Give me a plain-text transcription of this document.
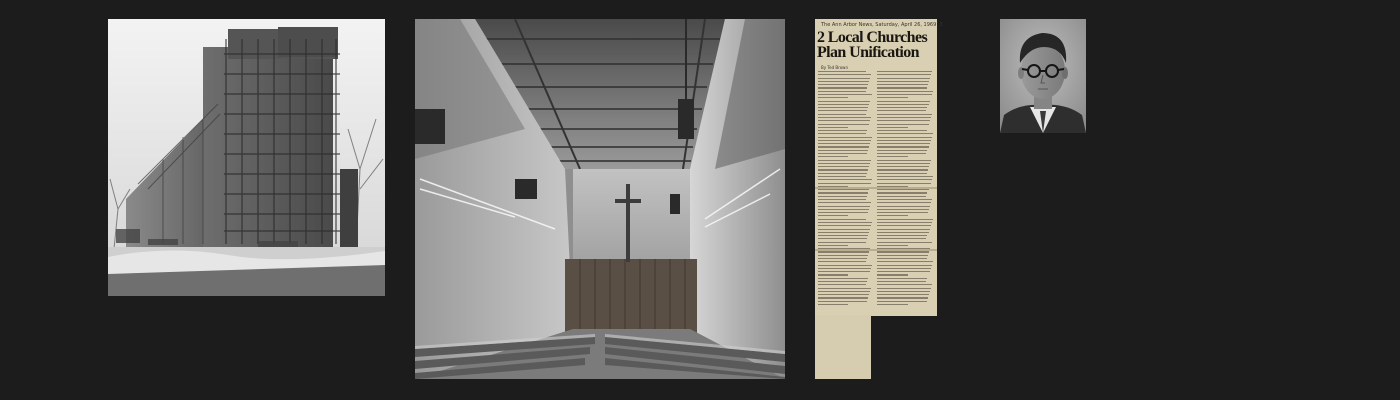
The Ann Arbor News, Saturday, April 26, 1969 3
2 Local Churches
Plan Unification
By Ted Brown
